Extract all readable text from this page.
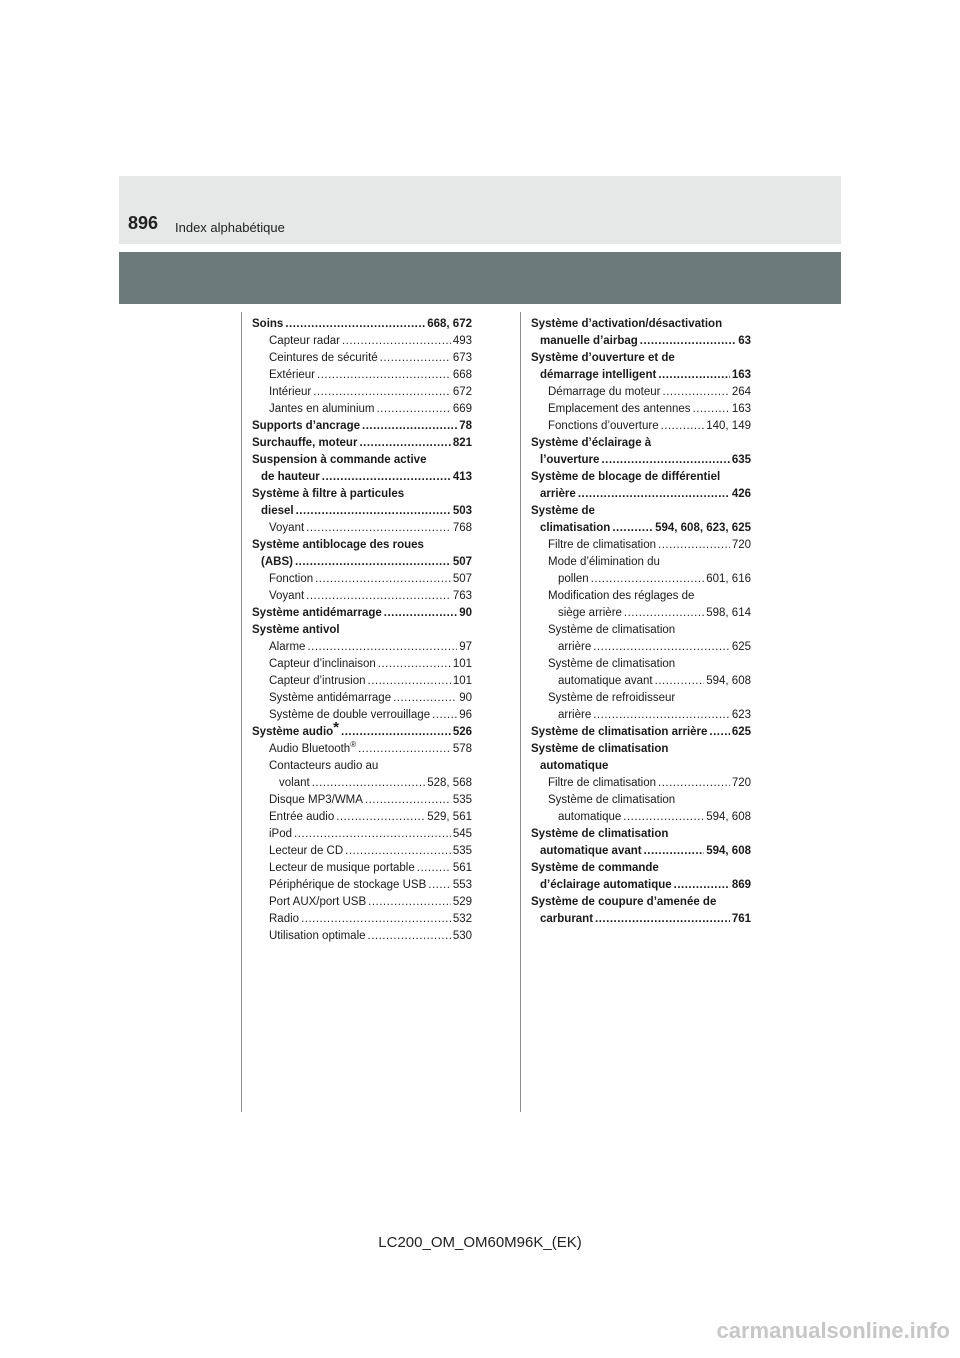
896 Index alphabétique
Soins .....	668, 672
Capteur radar .....	493
Ceintures de sécurité .....	673
Extérieur .....	668
Intérieur .....	672
Jantes en aluminium .....	669
Supports d’ancrage .....	78
Surchauffe, moteur .....	821
Suspension à commande active
de hauteur .....	413
Système à filtre à particules
diesel .....	503
Voyant .....	768
Système antiblocage des roues
(ABS) .....	507
Fonction .....	507
Voyant .....	763
Système antidémarrage .....	90
Système antivol
Alarme .....	97
Capteur d’inclinaison .....	101
Capteur d’intrusion .....	101
Système antidémarrage .....	90
Système de double verrouillage .....	96
Système audio* .....	526
Audio Bluetooth® .....	578
Contacteurs audio au
volant .....	528, 568
Disque MP3/WMA .....	535
Entrée audio .....	529, 561
iPod .....	545
Lecteur de CD .....	535
Lecteur de musique portable .....	561
Périphérique de stockage USB ..... 553
Port AUX/port USB .....	529
Radio .....	532
Utilisation optimale .....	530
Système d’activation/désactivation
manuelle d’airbag .....	63
Système d’ouverture et de
démarrage intelligent .....	163
Démarrage du moteur .....	264
Emplacement des antennes .....	163
Fonctions d’ouverture .....	140, 149
Système d’éclairage à
l’ouverture .....	635
Système de blocage de différentiel
arrière .....	426
Système de
climatisation .....	594, 608, 623, 625
Filtre de climatisation .....	720
Mode d’élimination du
pollen .....	601, 616
Modification des réglages de
siège arrière .....	598, 614
Système de climatisation
arrière .....	625
Système de climatisation
automatique avant .....	594, 608
Système de refroidisseur
arrière .....	623
Système de climatisation arrière ..... 625
Système de climatisation
automatique
Filtre de climatisation .....	720
Système de climatisation
automatique .....	594, 608
Système de climatisation
automatique avant .....	594, 608
Système de commande
d’éclairage automatique .....	869
Système de coupure d’amenée de
carburant .....	761
LC200_OM_OM60M96K_(EK)
carmanualsonline.info
